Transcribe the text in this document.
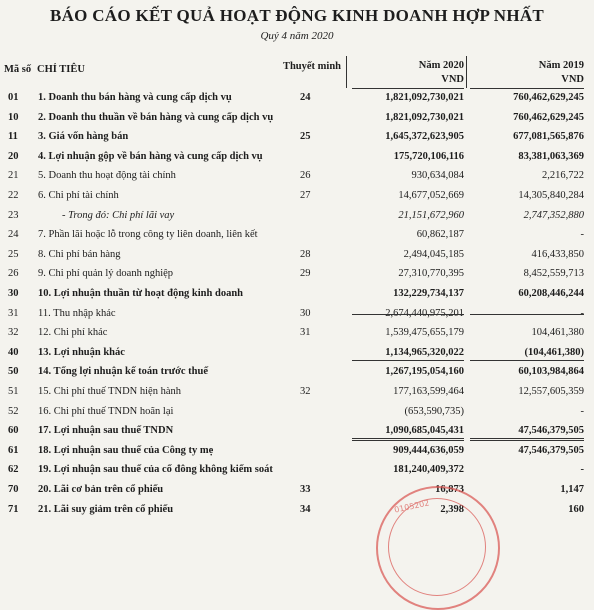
BÁO CÁO KẾT QUẢ HOẠT ĐỘNG KINH DOANH HỢP NHẤT
Quý 4 năm 2020
Mã số CHỈ TIÊU	Thuyết minh	Năm 2020	Năm 2019
VND	VND
01 1. Doanh thu bán hàng và cung cấp dịch vụ	24	1,821,092,730,021	760,462,629,245
10 2. Doanh thu thuần về bán hàng và cung cấp dịch vụ	1,821,092,730,021	760,462,629,245
11 3. Giá vốn hàng bán	25	1,645,372,623,905	677,081,565,876
20 4. Lợi nhuận gộp về bán hàng và cung cấp dịch vụ	175,720,106,116	83,381,063,369
21 5. Doanh thu hoạt động tài chính	26	930,634,084	2,216,722
22 6. Chi phí tài chính	27	14,677,052,669	14,305,840,284
23	- Trong đó: Chi phí lãi vay	21,151,672,960	2,747,352,880
24 7. Phần lãi hoặc lỗ trong công ty liên doanh, liên kết	60,862,187	-
25 8. Chi phí bán hàng	28	2,494,045,185	416,433,850
26 9. Chi phí quản lý doanh nghiệp	29	27,310,770,395	8,452,559,713
30 10. Lợi nhuận thuần từ hoạt động kinh doanh	132,229,734,137	60,208,446,244
31 11. Thu nhập khác	30	2,674,440,975,201	-
32 12. Chi phí khác	31	1,539,475,655,179	104,461,380
40 13. Lợi nhuận khác	1,134,965,320,022	(104,461,380)
50 14. Tổng lợi nhuận kế toán trước thuế	1,267,195,054,160	60,103,984,864
51 15. Chi phí thuế TNDN hiện hành	32	177,163,599,464	12,557,605,359
52 16. Chi phí thuế TNDN hoãn lại	(653,590,735)	-
60 17. Lợi nhuận sau thuế TNDN	1,090,685,045,431	47,546,379,505
61 18. Lợi nhuận sau thuế của Công ty mẹ	909,444,636,059	47,546,379,505
62 19. Lợi nhuận sau thuế của cổ đông không kiểm soát	181,240,409,372	-
70 20. Lãi cơ bản trên cổ phiếu	33	16,873	1,147
71 21. Lãi suy giảm trên cổ phiếu	34	2,398	160
0105202
